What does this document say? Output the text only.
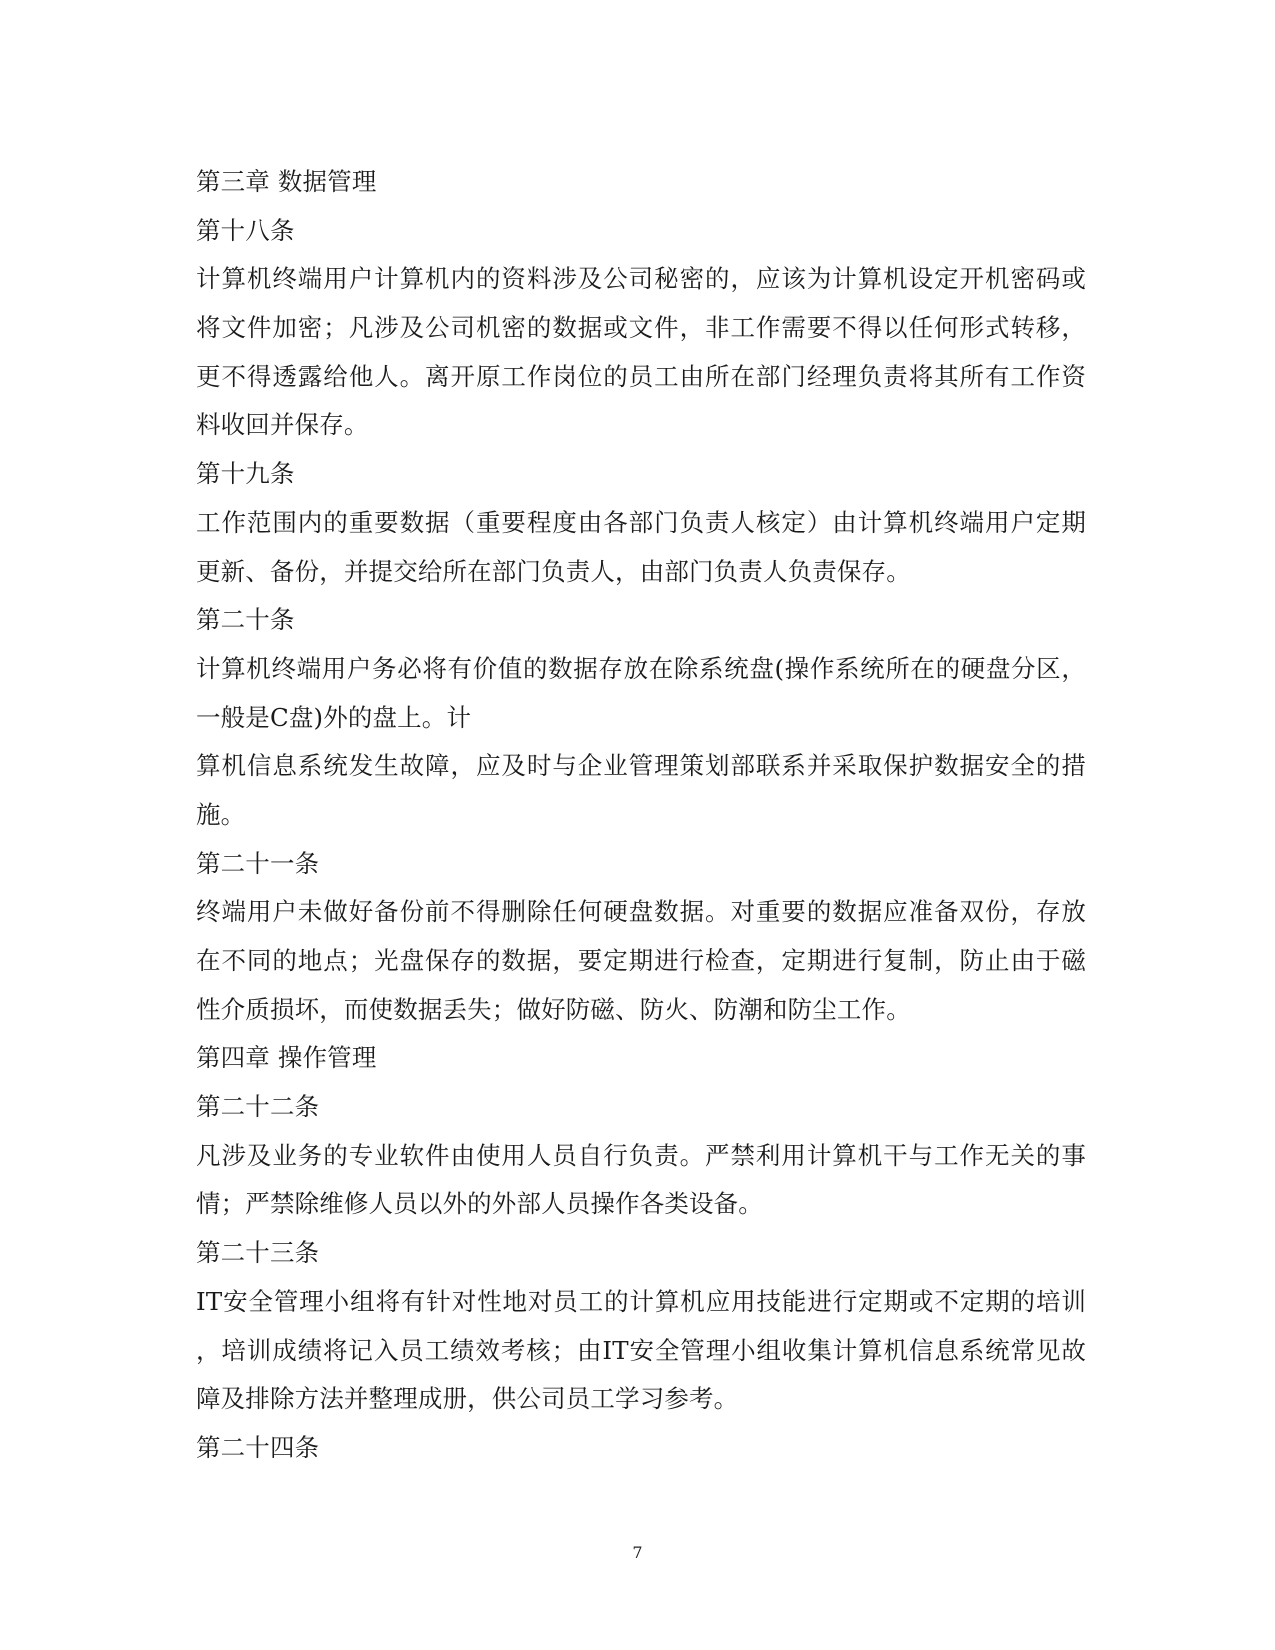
第三章 数据管理
第十八条
计算机终端用户计算机内的资料涉及公司秘密的，应该为计算机设定开机密码或
将文件加密；凡涉及公司机密的数据或文件，非工作需要不得以任何形式转移，
更不得透露给他人。离开原工作岗位的员工由所在部门经理负责将其所有工作资
料收回并保存。
第十九条
工作范围内的重要数据（重要程度由各部门负责人核定）由计算机终端用户定期
更新、备份，并提交给所在部门负责人，由部门负责人负责保存。
第二十条
计算机终端用户务必将有价值的数据存放在除系统盘(操作系统所在的硬盘分区，
一般是C盘)外的盘上。计
算机信息系统发生故障，应及时与企业管理策划部联系并采取保护数据安全的措
施。
第二十一条
终端用户未做好备份前不得删除任何硬盘数据。对重要的数据应准备双份，存放
在不同的地点；光盘保存的数据，要定期进行检查，定期进行复制，防止由于磁
性介质损坏，而使数据丢失；做好防磁、防火、防潮和防尘工作。
第四章 操作管理
第二十二条
凡涉及业务的专业软件由使用人员自行负责。严禁利用计算机干与工作无关的事
情；严禁除维修人员以外的外部人员操作各类设备。
第二十三条
IT安全管理小组将有针对性地对员工的计算机应用技能进行定期或不定期的培训
，培训成绩将记入员工绩效考核；由IT安全管理小组收集计算机信息系统常见故
障及排除方法并整理成册，供公司员工学习参考。
第二十四条
7
